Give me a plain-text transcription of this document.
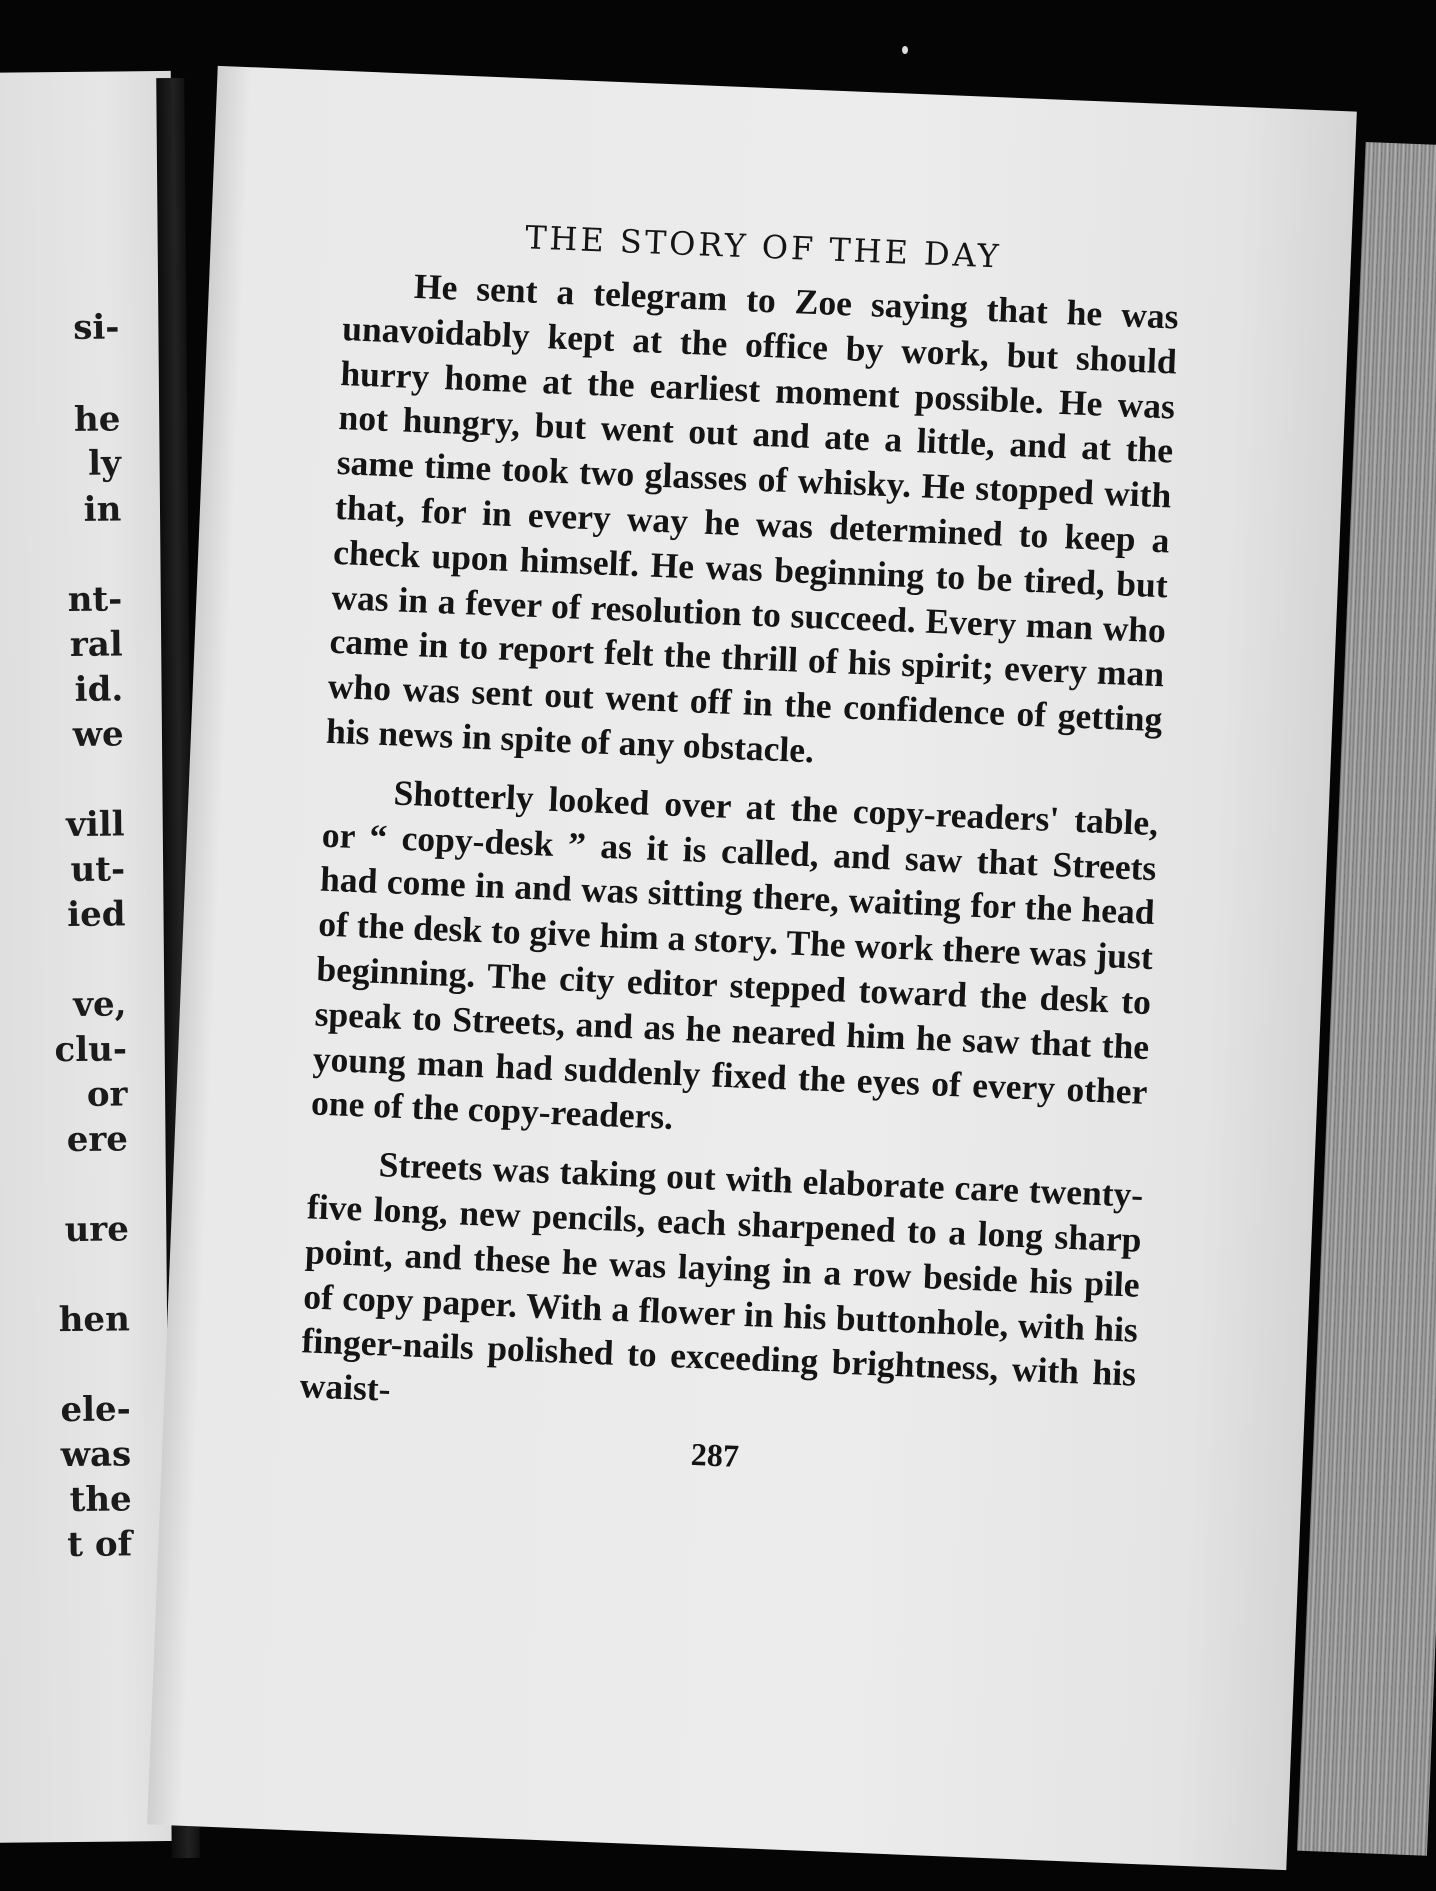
si-
he
ly
in
nt-
ral
id.
we
vill
ut-
ied
ve,
clu-
or
ere
ure
hen
ele-
was
the
t of
THE STORY OF THE DAY

He sent a telegram to Zoe saying that he was unavoidably kept at the office by work, but should hurry home at the earliest moment possible. He was not hungry, but went out and ate a little, and at the same time took two glasses of whisky. He stopped with that, for in every way he was determined to keep a check upon himself. He was beginning to be tired, but was in a fever of resolution to succeed. Every man who came in to report felt the thrill of his spirit; every man who was sent out went off in the confidence of getting his news in spite of any obstacle.

Shotterly looked over at the copy-readers' table, or “ copy-desk ” as it is called, and saw that Streets had come in and was sitting there, waiting for the head of the desk to give him a story. The work there was just beginning. The city editor stepped toward the desk to speak to Streets, and as he neared him he saw that the young man had suddenly fixed the eyes of every other one of the copy-readers.

Streets was taking out with elaborate care twenty-five long, new pencils, each sharpened to a long sharp point, and these he was laying in a row beside his pile of copy paper. With a flower in his buttonhole, with his finger-nails polished to exceeding brightness, with his waist-

287
